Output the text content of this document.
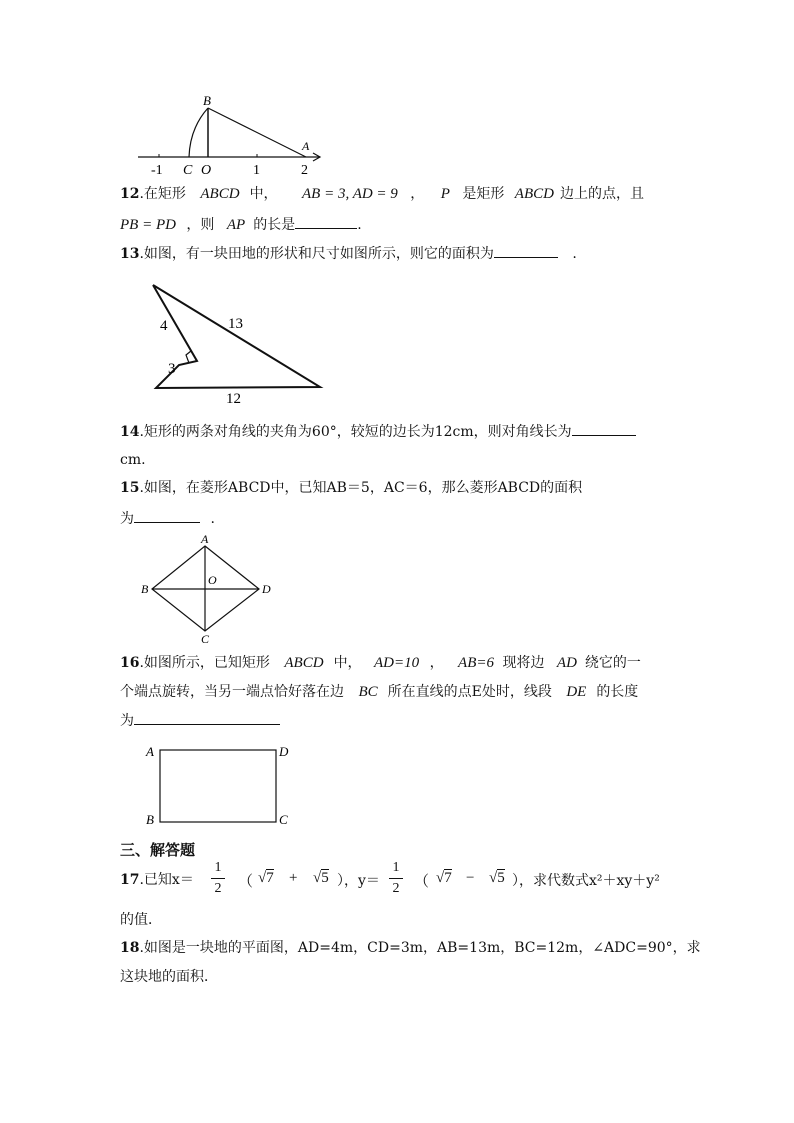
B
A
-1 C O	1	2
12.在矩形 ABCD 中， AB = 3, AD = 9 ， P 是矩形 ABCD 边上的点，且
PB = PD ，则 AP 的长是	.
13.如图，有一块田地的形状和尺寸如图所示，则它的面积为	.
4
3
13
12
14.矩形的两条对角线的夹角为60°，较短的边长为12cm，则对角线长为
cm.
15.如图，在菱形ABCD中，已知AB＝5，AC＝6，那么菱形ABCD的面积
为	.
A
B	D
C
O
16.如图所示，已知矩形 ABCD 中， AD=10 ， AB=6 现将边 AD 绕它的一
个端点旋转，当另一端点恰好落在边 BC 所在直线的点E处时，线段 DE 的长度
为
A	D
B	C
三、解答题
17.已知x＝
1
2 （ √7 + √5 ），y＝
1
2 （ √7 − √5 ），求代数式x²＋xy＋y²
的值．
18.如图是一块地的平面图，AD=4m，CD=3m，AB=13m，BC=12m，∠ADC=90°，求
这块地的面积．
